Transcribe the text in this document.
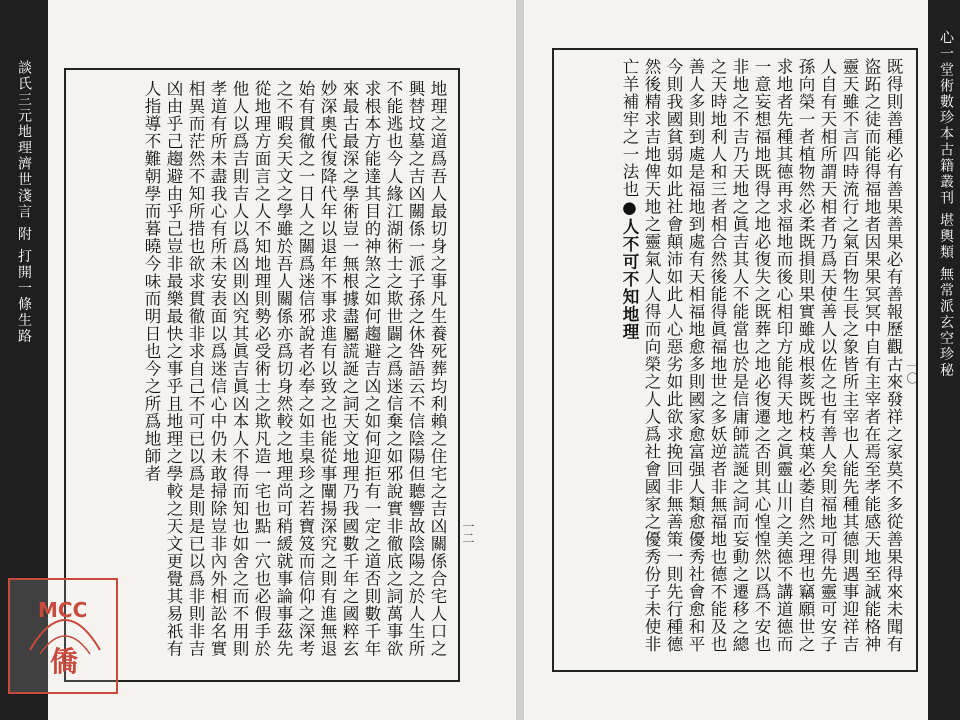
談氏三元地理濟世淺言 附 打開一條生路	心一堂術數珍本古籍叢刊 堪輿類 無常派玄空珍秘
地理之道爲吾人最切身之事凡生養死葬均利賴之住宅之吉凶關係合宅人口之興替坟墓之吉凶關係一派子孫之休咎語云不信陰陽但聽響故陰陽之於人生所不能逃也今人緣江湖術士之欺世闢之爲迷信棄之如邪說實非徹底之詞萬事欲求根本方能達其目的神煞之如何趨避吉凶之如何迎拒有一定之道否則數千年來最古最深之學術豈一無根據盡屬謊誕之詞天文地理乃我國數千年之國粹玄妙深奧代復降代年以退年不事求進有以致之也能從事闡揚深究之則有進無退始有貫徹之一日人之關爲迷信邪說者必奉之如圭臬珍之若寶笈而信仰之深考之不暇矣天文之學雖於吾人關係亦爲切身然較之地理尚可稍緩就事論事茲先從地理方面言之人不知地理則勢必受術士之欺凡造一宅也點一穴也必假手於他人以爲吉則吉人以爲凶則凶究其眞吉眞凶本人不得而知也如舍之而不用則孝道有所未盡我心有所未安表面以爲迷信心中仍未敢掃除豈非內外相訟名實相異而茫然不知所措也欲求貫徹非求自己不可已以爲是則是已以爲非則非吉凶由乎己趨避由乎己豈非最樂最快之事乎且地理之學較之天文更覺其易祇有人指導不難朝學而暮曉今味而明日也今之所爲地師者	既得則善種必有善果善果必有善報歷觀古來發祥之家莫不多從善果得來未聞有盜跖之徒而能得福地者因果果冥冥中自有主宰者在焉至孝能感天地至誠能格神靈天雖不言四時流行之氣百物生長之象皆所主宰也人能先種其德則遇事迎祥吉人自有天相所謂天相者乃爲天使善人以佐之也有善人矣則福地可得先靈可安子孫向榮一者植物然必柔既損則果實雖成根荄既朽枝葉必萎自然之理也竊願世之求地者先種其德再求福地而後心相印方能得天地之眞靈山川之美德不講道德而一意妄想福地既得之地必復失之既葬之地必復遷之否則其心惶惶然以爲不安也非地之不吉乃天地之眞吉其人不能當也於是信庸師謊誕之詞而妄動之遷移之總之天時地利人和三者相合然後能得眞福地世之多妖逆者非無福地也德不能及也善人多則到處是福地到處有天相福地愈多則國家愈富强人類愈優秀社會愈和平今則我國貧弱如此社會顛沛如此人心惡劣如此欲求挽回非無善策一則先行種德然後精求吉地俾天地之靈氣人人得而向榮之人人爲社會國家之優秀份子未使非亡羊補牢之一法也●人不可不知地理
一二
一〇
MCC
僑
